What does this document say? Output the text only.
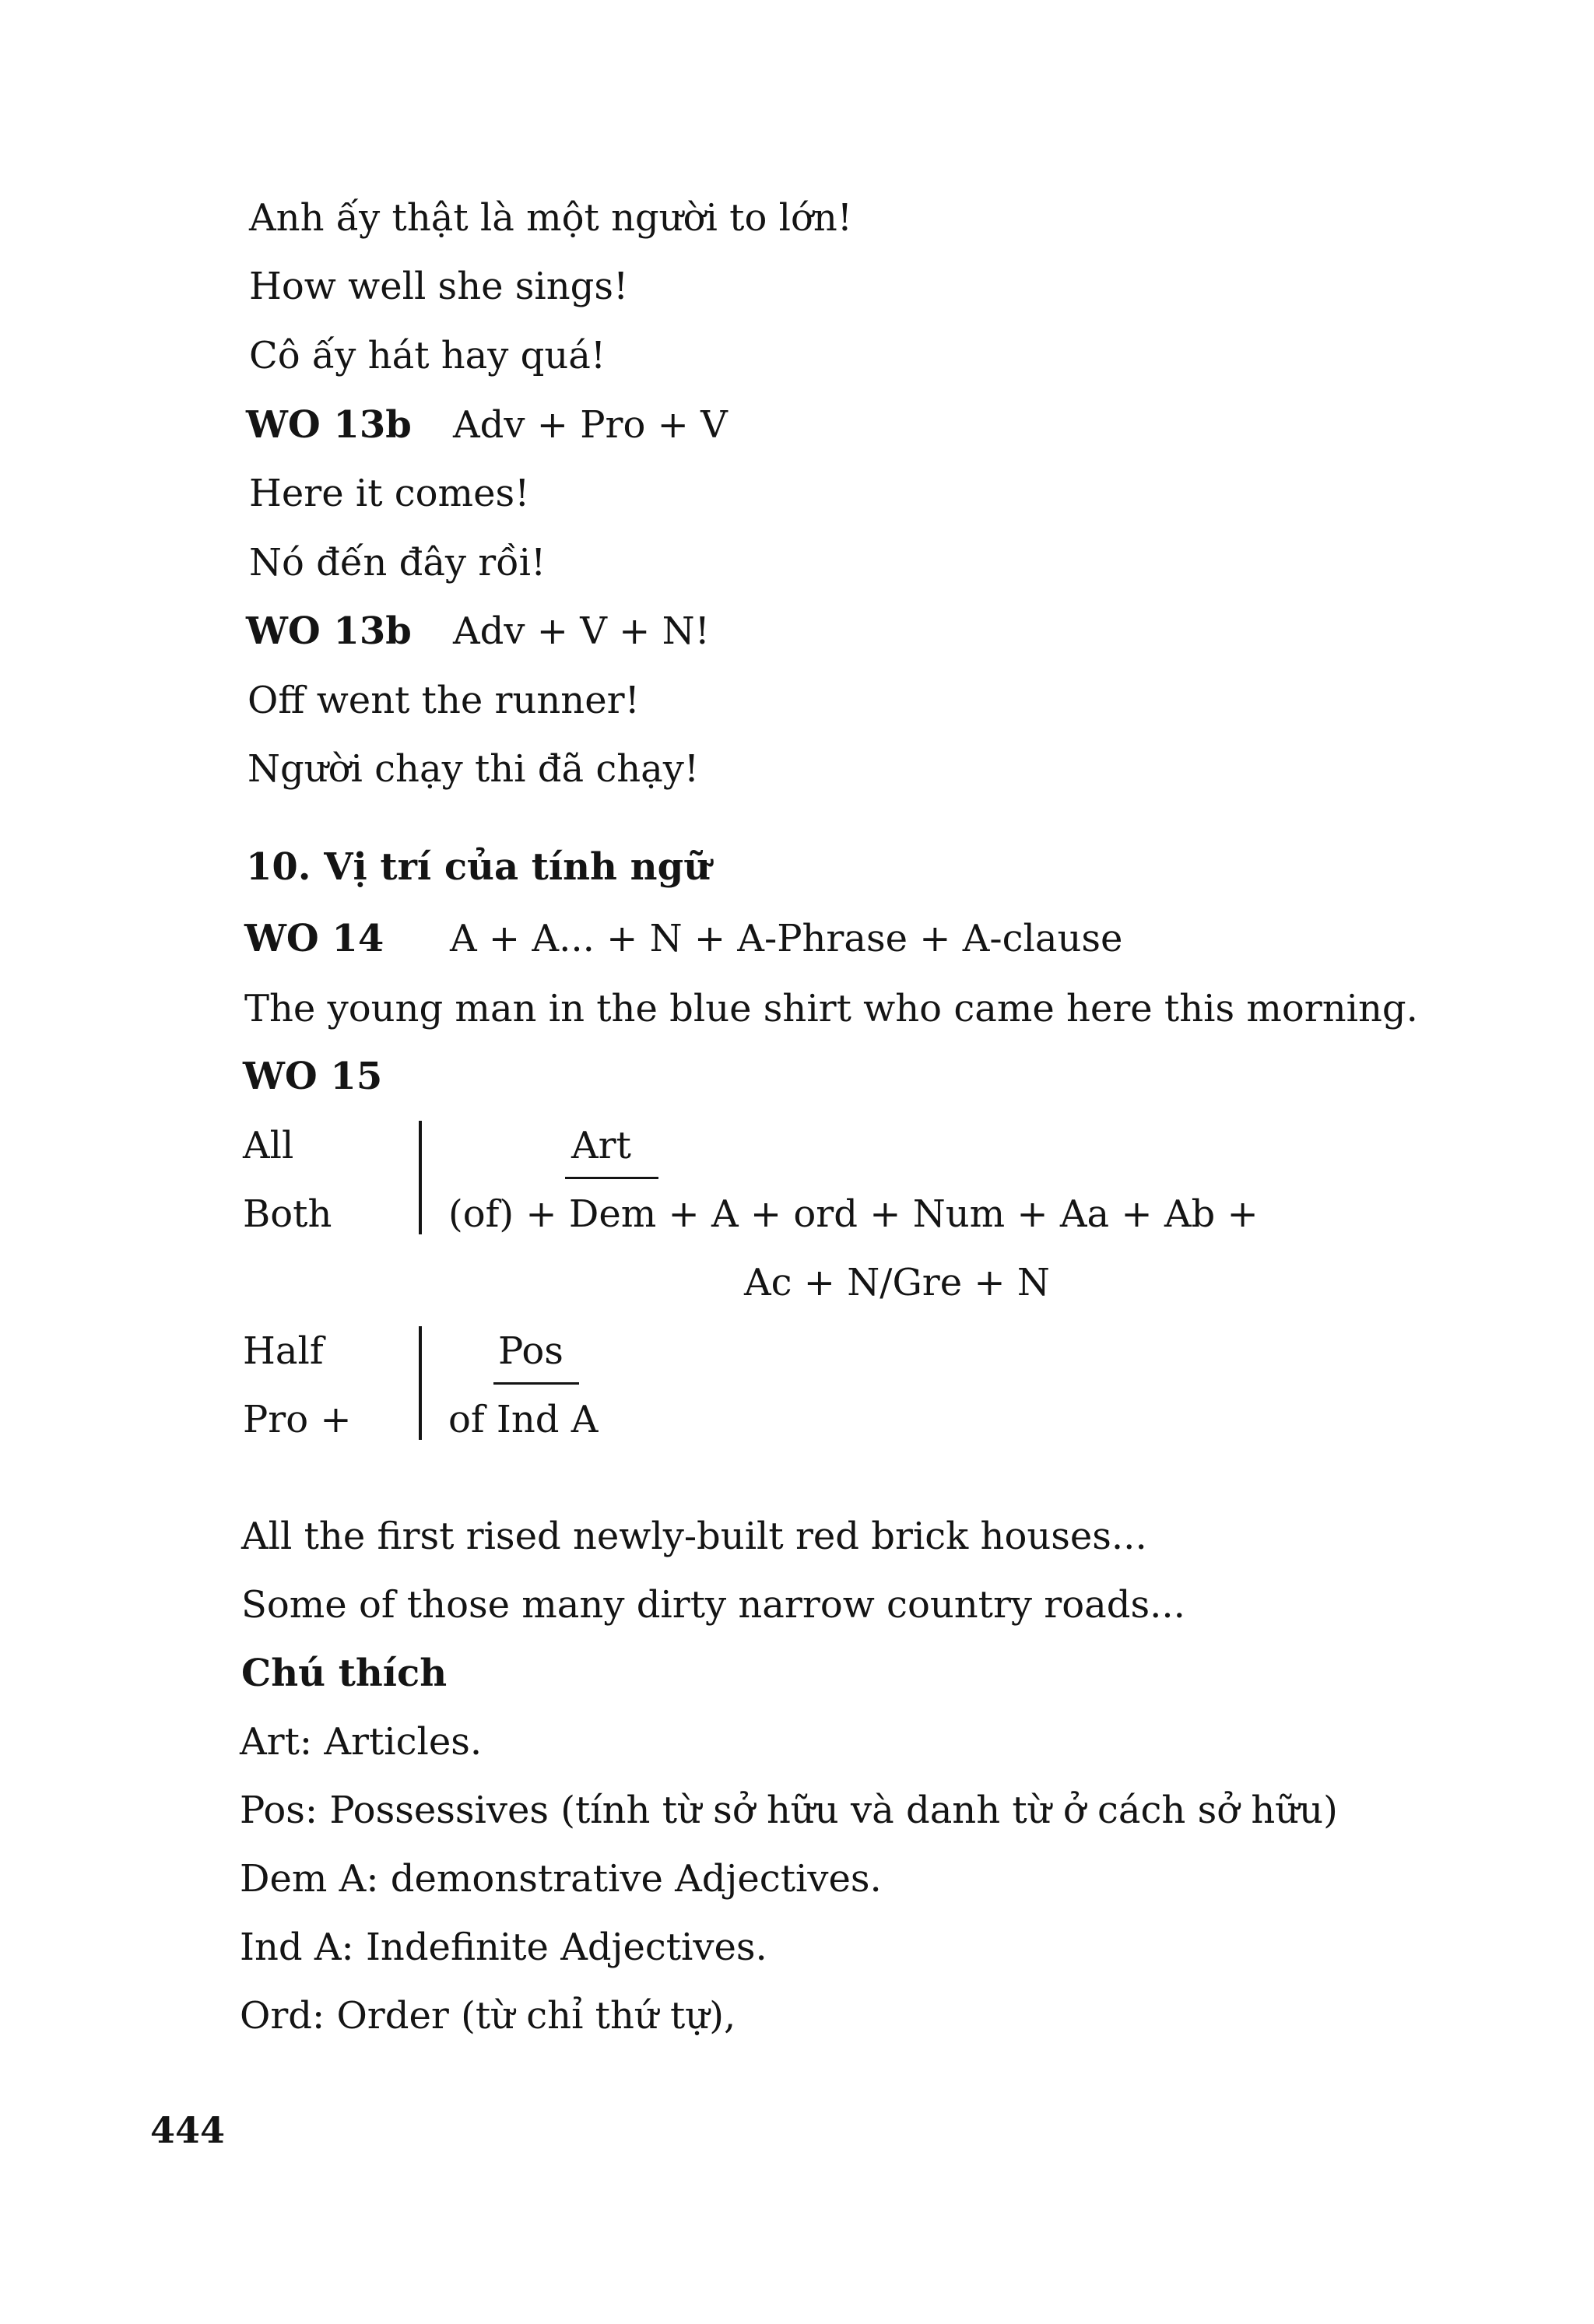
Anh ấy thật là một người to lớn!

How well she sings!

Cô ấy hát hay quá!

WO 13b Adv + Pro + V

Here it comes!

Nó đến đây rồi!

WO 13b Adv + V + N!

Off went the runner!

Người chạy thi đã chạy!

10. Vị trí của tính ngữ

WO 14 A + A... + N + A-Phrase + A-clause

The young man in the blue shirt who came here this morning.

WO 15
All
Both
Art
(of) + Dem + A + ord + Num + Aa + Ab +
Ac + N/Gre + N
Half
Pro +
Pos
of Ind A

All the first rised newly-built red brick houses...

Some of those many dirty narrow country roads...

Chú thích

Art: Articles.

Pos: Possessives (tính từ sở hữu và danh từ ở cách sở hữu)

Dem A: demonstrative Adjectives.

Ind A: Indefinite Adjectives.

Ord: Order (từ chỉ thứ tự),

444
